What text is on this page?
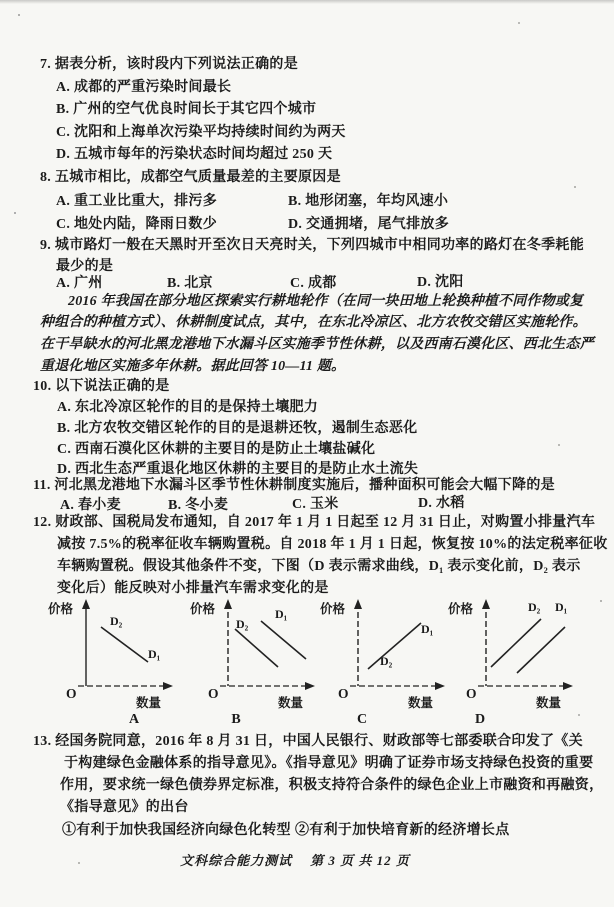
7. 据表分析，该时段内下列说法正确的是
A. 成都的严重污染时间最长
B. 广州的空气优良时间长于其它四个城市
C. 沈阳和上海单次污染平均持续时间约为两天
D. 五城市每年的污染状态时间均超过 250 天
8. 五城市相比，成都空气质量最差的主要原因是
A. 重工业比重大，排污多	B. 地形闭塞，年均风速小
C. 地处内陆，降雨日数少	D. 交通拥堵，尾气排放多
9. 城市路灯一般在天黑时开至次日天亮时关，下列四城市中相同功率的路灯在冬季耗能
最少的是
A. 广州	B. 北京	C. 成都	D. 沈阳
2016 年我国在部分地区探索实行耕地轮作（在同一块田地上轮换种植不同作物或复
种组合的种植方式）、休耕制度试点，其中，在东北冷凉区、北方农牧交错区实施轮作。
在干旱缺水的河北黑龙港地下水漏斗区实施季节性休耕，以及西南石漠化区、西北生态严
重退化地区实施多年休耕。据此回答 10—11 题。
10. 以下说法正确的是
A. 东北冷凉区轮作的目的是保持土壤肥力
B. 北方农牧交错区轮作的目的是退耕还牧，遏制生态恶化
C. 西南石漠化区休耕的主要目的是防止土壤盐碱化
D. 西北生态严重退化地区休耕的主要目的是防止水土流失
11. 河北黑龙港地下水漏斗区季节性休耕制度实施后，播种面积可能会大幅下降的是
A. 春小麦	B. 冬小麦	C. 玉米	D. 水稻
12. 财政部、国税局发布通知，自 2017 年 1 月 1 日起至 12 月 31 日止，对购置小排量汽车
减按 7.5%的税率征收车辆购置税。自 2018 年 1 月 1 日起，恢复按 10%的法定税率征收
车辆购置税。假设其他条件不变，下图（D 表示需求曲线，D₁ 表示变化前，D₂ 表示
变化后）能反映对小排量汽车需求变化的是
价格
O
数量
D₂
D₁
价格
O
数量
D₂
D₁	价格
O
数量
D₁
D₂
价格
O
数量
D₂ D₁
A	B	C	D
13. 经国务院同意，2016 年 8 月 31 日，中国人民银行、财政部等七部委联合印发了《关
于构建绿色金融体系的指导意见》。《指导意见》明确了证券市场支持绿色投资的重要
作用，要求统一绿色债券界定标准，积极支持符合条件的绿色企业上市融资和再融资，
《指导意见》的出台
①有利于加快我国经济向绿色化转型 ②有利于加快培育新的经济增长点
文科综合能力测试 第 3 页 共 12 页
